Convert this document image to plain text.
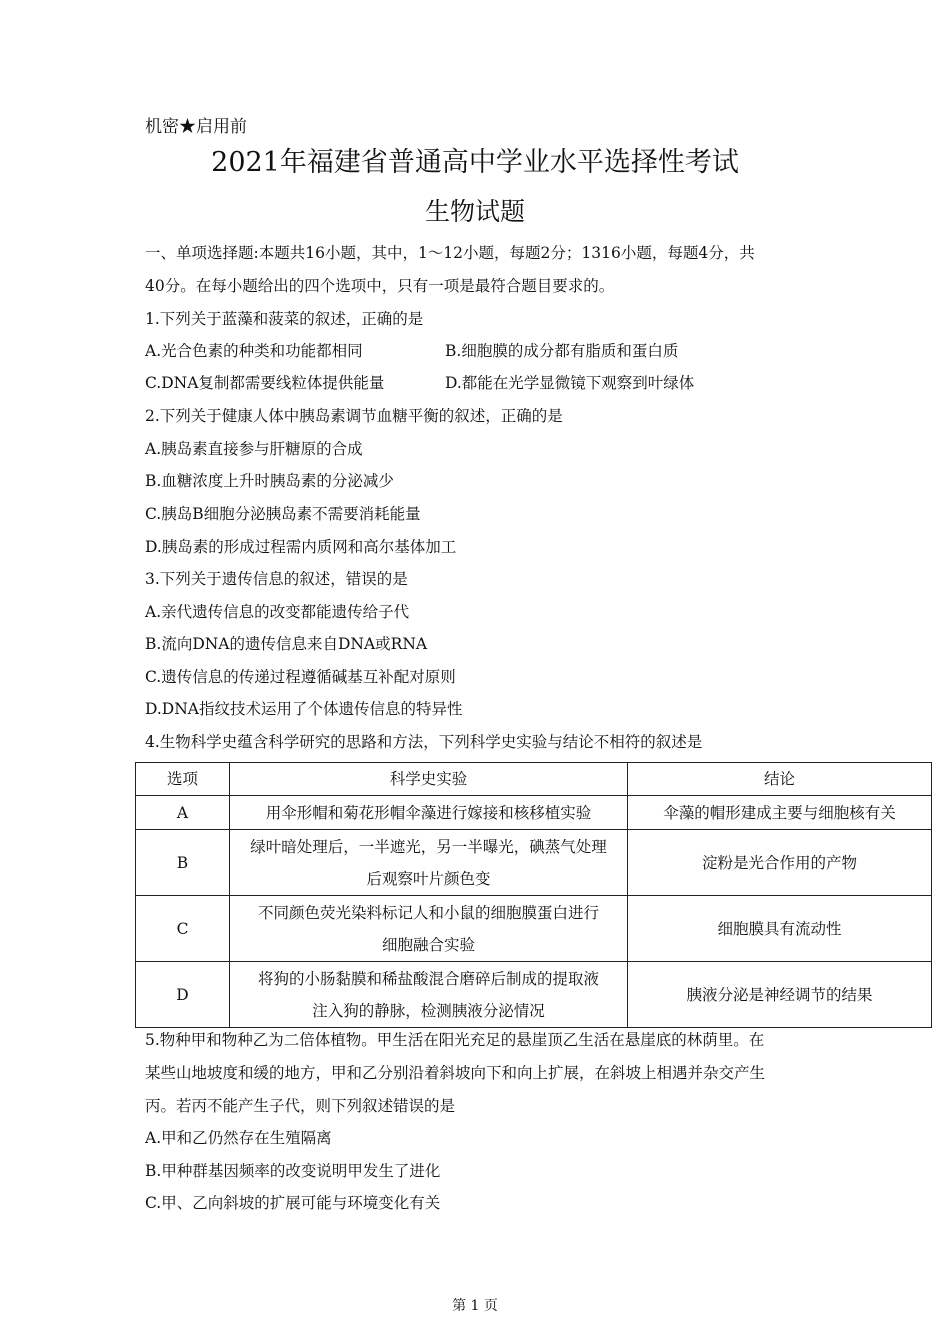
机密★启用前
2021年福建省普通高中学业水平选择性考试
生物试题
一、单项选择题:本题共16小题，其中，1～12小题，每题2分；1316小题，每题4分，共
40分。在每小题给出的四个选项中，只有一项是最符合题目要求的。
1.下列关于蓝藻和菠菜的叙述，正确的是
A.光合色素的种类和功能都相同	B.细胞膜的成分都有脂质和蛋白质
C.DNA复制都需要线粒体提供能量	D.都能在光学显微镜下观察到叶绿体
2.下列关于健康人体中胰岛素调节血糖平衡的叙述，正确的是
A.胰岛素直接参与肝糖原的合成
B.血糖浓度上升时胰岛素的分泌减少
C.胰岛B细胞分泌胰岛素不需要消耗能量
D.胰岛素的形成过程需内质网和高尔基体加工
3.下列关于遗传信息的叙述，错误的是
A.亲代遗传信息的改变都能遗传给子代
B.流向DNA的遗传信息来自DNA或RNA
C.遗传信息的传递过程遵循碱基互补配对原则
D.DNA指纹技术运用了个体遗传信息的特异性
4.生物科学史蕴含科学研究的思路和方法，下列科学史实验与结论不相符的叙述是
选项	科学史实验	结论
A	用伞形帽和菊花形帽伞藻进行嫁接和核移植实验	伞藻的帽形建成主要与细胞核有关
B	绿叶暗处理后，一半遮光，另一半曝光，碘蒸气处理
后观察叶片颜色变	淀粉是光合作用的产物
C	不同颜色荧光染料标记人和小鼠的细胞膜蛋白进行
细胞融合实验	细胞膜具有流动性
D	将狗的小肠黏膜和稀盐酸混合磨碎后制成的提取液
注入狗的静脉，检测胰液分泌情况	胰液分泌是神经调节的结果
5.物种甲和物种乙为二倍体植物。甲生活在阳光充足的悬崖顶乙生活在悬崖底的林荫里。在
某些山地坡度和缓的地方，甲和乙分别沿着斜坡向下和向上扩展，在斜坡上相遇并杂交产生
丙。若丙不能产生子代，则下列叙述错误的是
A.甲和乙仍然存在生殖隔离
B.甲种群基因频率的改变说明甲发生了进化
C.甲、乙向斜坡的扩展可能与环境变化有关
第 1 页
